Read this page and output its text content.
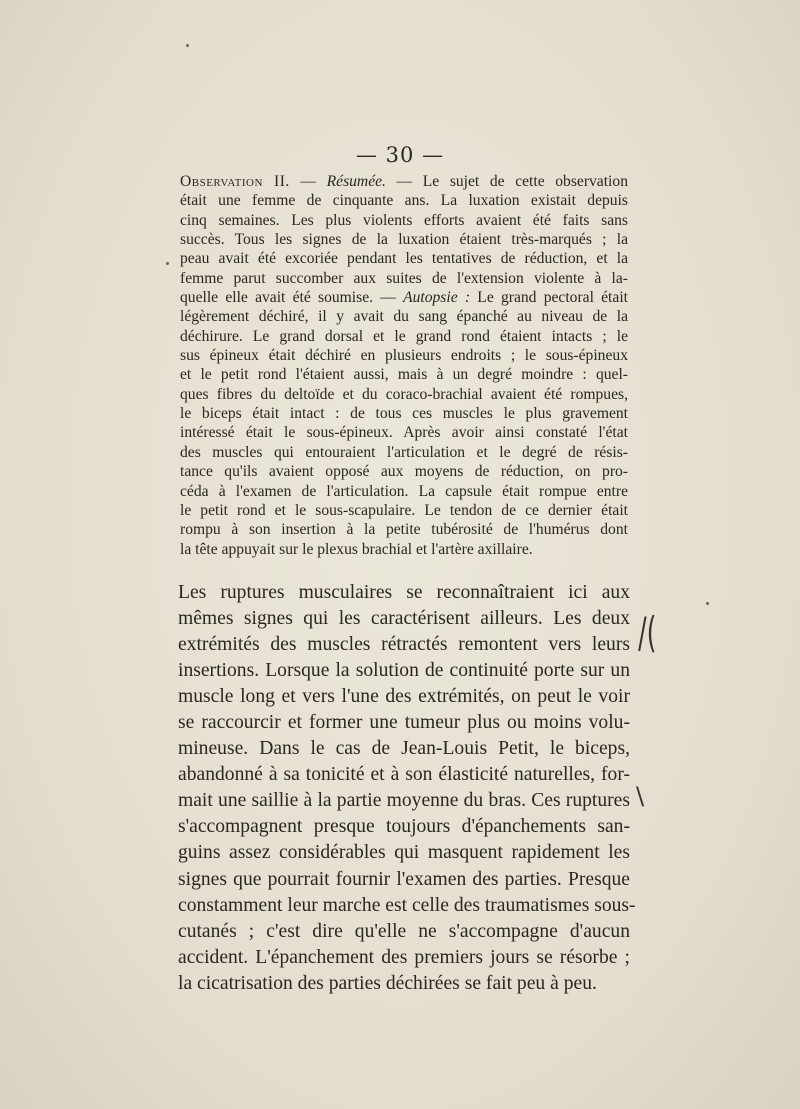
— 30 —
Observation II. — Résumée. — Le sujet de cette observation
était une femme de cinquante ans. La luxation existait depuis
cinq semaines. Les plus violents efforts avaient été faits sans
succès. Tous les signes de la luxation étaient très-marqués ; la
peau avait été excoriée pendant les tentatives de réduction, et la
femme parut succomber aux suites de l'extension violente à la-
quelle elle avait été soumise. — Autopsie : Le grand pectoral était
légèrement déchiré, il y avait du sang épanché au niveau de la
déchirure. Le grand dorsal et le grand rond étaient intacts ; le
sus épineux était déchiré en plusieurs endroits ; le sous-épineux
et le petit rond l'étaient aussi, mais à un degré moindre : quel-
ques fibres du deltoïde et du coraco-brachial avaient été rompues,
le biceps était intact : de tous ces muscles le plus gravement
intéressé était le sous-épineux. Après avoir ainsi constaté l'état
des muscles qui entouraient l'articulation et le degré de résis-
tance qu'ils avaient opposé aux moyens de réduction, on pro-
céda à l'examen de l'articulation. La capsule était rompue entre
le petit rond et le sous-scapulaire. Le tendon de ce dernier était
rompu à son insertion à la petite tubérosité de l'humérus dont
la tête appuyait sur le plexus brachial et l'artère axillaire.
Les ruptures musculaires se reconnaîtraient ici aux
mêmes signes qui les caractérisent ailleurs. Les deux
extrémités des muscles rétractés remontent vers leurs
insertions. Lorsque la solution de continuité porte sur un
muscle long et vers l'une des extrémités, on peut le voir
se raccourcir et former une tumeur plus ou moins volu-
mineuse. Dans le cas de Jean-Louis Petit, le biceps,
abandonné à sa tonicité et à son élasticité naturelles, for-
mait une saillie à la partie moyenne du bras. Ces ruptures
s'accompagnent presque toujours d'épanchements san-
guins assez considérables qui masquent rapidement les
signes que pourrait fournir l'examen des parties. Presque
constamment leur marche est celle des traumatismes sous-
cutanés ; c'est dire qu'elle ne s'accompagne d'aucun
accident. L'épanchement des premiers jours se résorbe ;
la cicatrisation des parties déchirées se fait peu à peu.
/(
\
